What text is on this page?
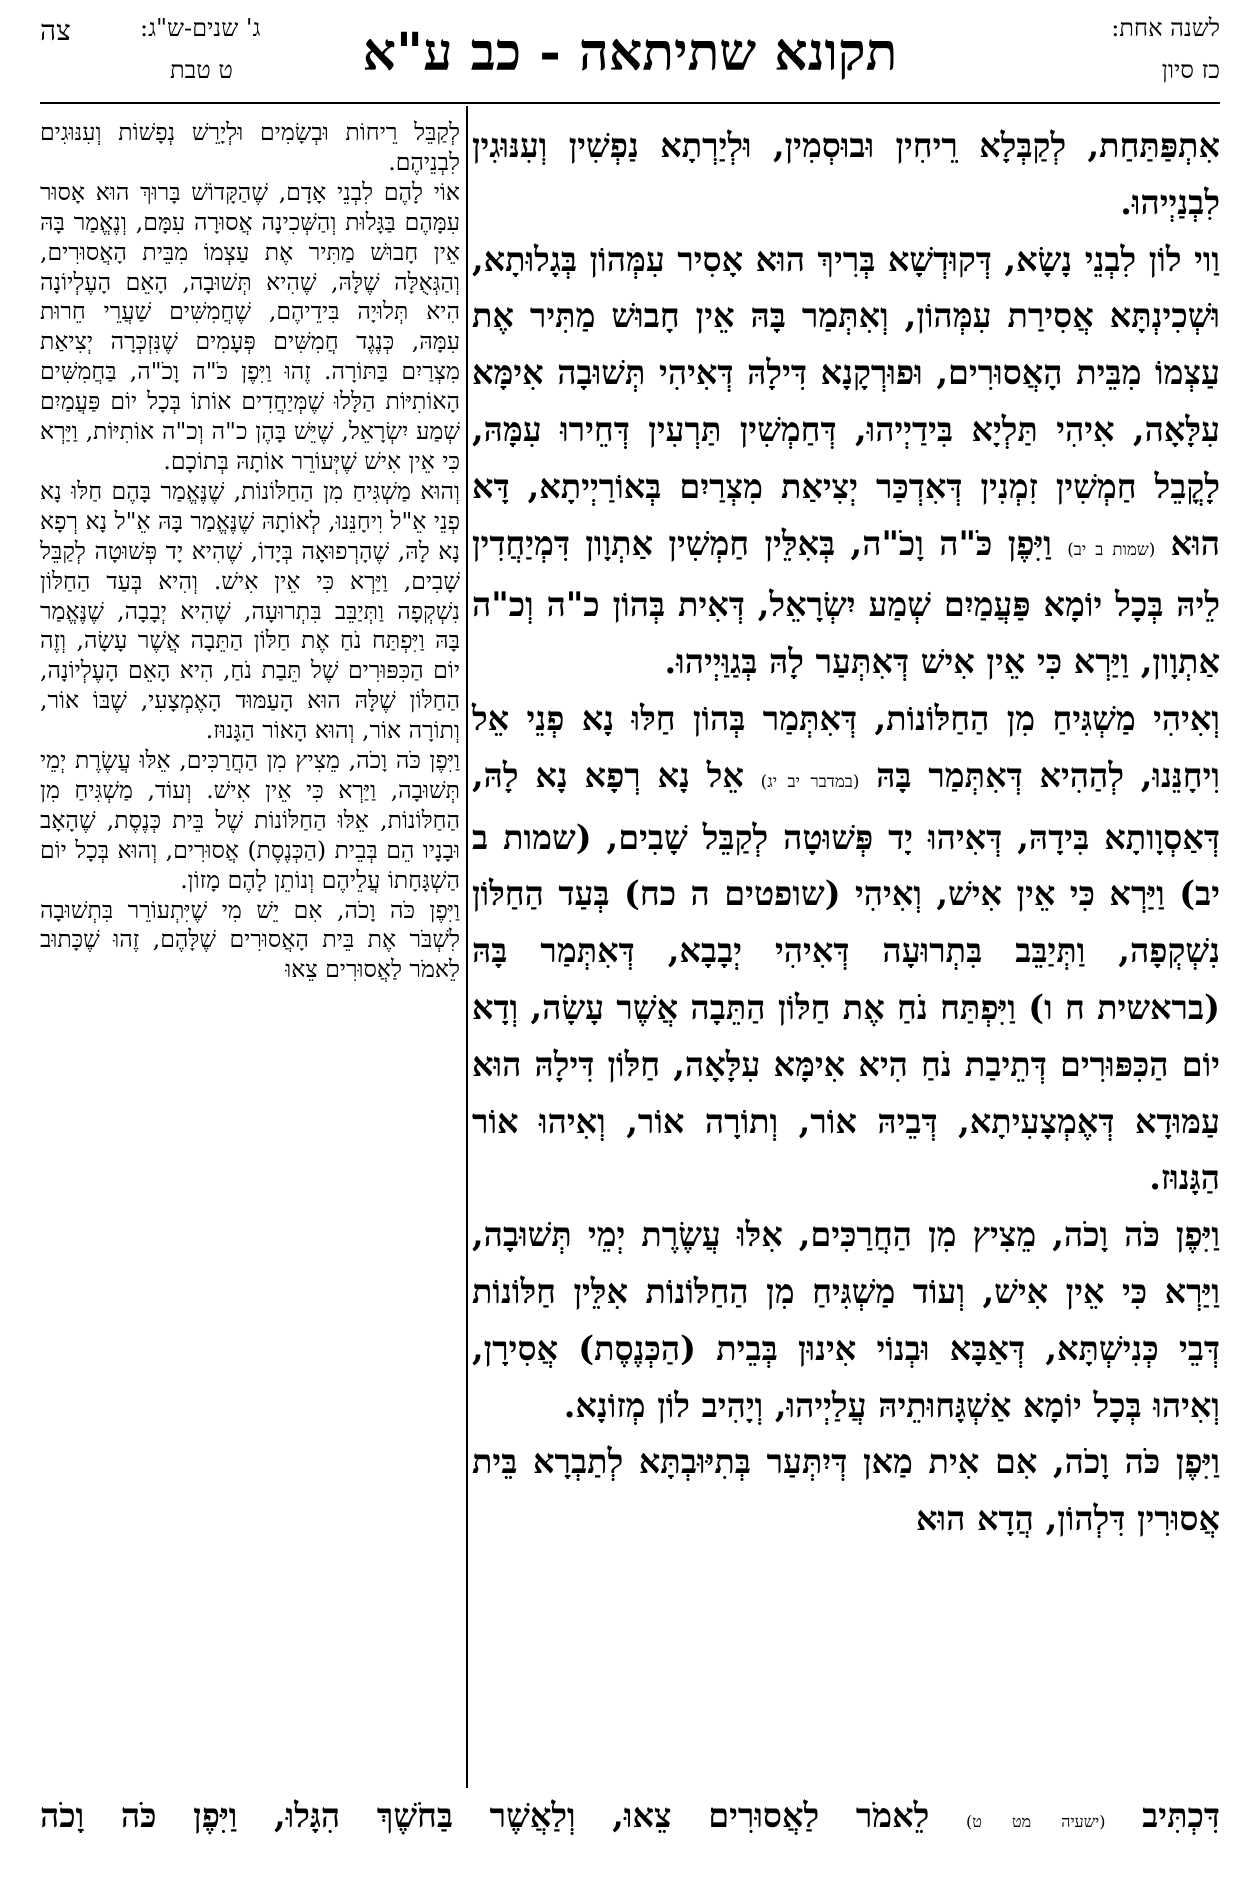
לשנה אחת:
כז סיון
תקונא שתיתאה - כב ע"א
ג' שנים-ש"ג:
ט טבת
צה

אִתְפַּתַּחַת, לְקַבְּלָא רֵיחִין וּבוּסְמִין, וּלְיַרְתָא נַפְשִׁין וְעִנּוּגִין לִבְנַיְיהוּ.

וַוי לוֹן לִבְנֵי נָשָׂא, דְּקוּדְשָׁא בְּרִיךְ הוּא אָסִיר עִמְּהוֹן בְּגָלוּתָא, וּשְׁכִינְתָּא אֲסִירַת עִמְּהוֹן, וְאִתְּמַר בָּהּ אֵין חָבוּשׁ מַתִּיר אֶת עַצְמוֹ מִבֵּית הָאֲסוּרִים, וּפוּרְקָנָא דִּילָהּ דְּאִיהִי תְּשׁוּבָה אִימָּא עִלָּאָה, אִיהִי תַּלְיָא בִּידַיְיהוּ, דְּחַמְשִׁין תַּרְעִין דְּחֵירוּ עִמָּהּ, לָקֳבֵל חַמְשִׁין זִמְנִין דְּאִדְכַּר יְצִיאַת מִצְרַיִם בְּאוֹרַיְיתָא, דָּא הוּא (שמות ב יב) וַיִּפֶן כֹּ"ה וָכֹ"ה, בְּאִלֵּין חַמְשִׁין אַתְוָון דִּמְיַחֲדִין לֵיהּ בְּכָל יוֹמָא פַּעֲמַיִם שְׁמַע יִשְׂרָאֵל, דְּאִית בְּהוֹן כ"ה וְכ"ה אַתְוָון, וַיַּרְא כִּי אֵין אִישׁ דְּאִתְּעַר לָהּ בְּגַוַּיְיהוּ.

וְאִיהִי מַשְׁגִּיחַ מִן הַחַלּוֹנוֹת, דְּאִתְּמַר בְּהוֹן חַלּוּ נָא פְנֵי אֵל וִיחָנֵּנוּ, לְהַהִיא דְּאִתְּמַר בָּהּ (במדבר יב יג) אֵל נָא רְפָא נָא לָהּ, דְּאַסְוָותָא בִּידָהּ, דְּאִיהוּ יָד פְּשׁוּטָה לְקַבֵּל שָׁבִים, (שמות ב יב) וַיַּרְא כִּי אֵין אִישׁ, וְאִיהִי (שופטים ה כח) בְּעַד הַחַלּוֹן נִשְׁקְפָה, וַתְּיַבֵּב בִּתְרוּעָה דְּאִיהִי יְבָבָא, דְּאִתְּמַר בָּהּ (בראשית ח ו) וַיִּפְתַּח נֹחַ אֶת חַלּוֹן הַתֵּבָה אֲשֶׁר עָשָׂה, וְדָא יוֹם הַכִּפּוּרִים דְּתֵיבַת נֹחַ הִיא אִימָּא עִלָּאָה, חַלּוֹן דִּילָהּ הוּא עַמּוּדָא דְּאֶמְצָעִיתָא, דְּבֵיהּ אוֹר, וְתוֹרָה אוֹר, וְאִיהוּ אוֹר הַגָּנוּז.

וַיִּפֶן כֹּה וָכֹה, מֵצִיץ מִן הַחֲרַכִּים, אִלּוּ עֲשֶׂרֶת יְמֵי תְּשׁוּבָה, וַיַּרְא כִּי אֵין אִישׁ, וְעוֹד מַשְׁגִּיחַ מִן הַחַלּוֹנוֹת אִלֵּין חַלּוֹנוֹת דְּבֵי כְּנִישְׁתָּא, דְּאַבָּא וּבְנוֹי אִינוּן בְּבֵית (הַכְּנֶסֶת) אֲסִירָן, וְאִיהוּ בְּכָל יוֹמָא אַשְׁגָּחוּתֵיהּ עֲלַיְיהוּ, וְיָהִיב לוֹן מְזוֹנָא.

וַיִּפֶן כֹּה וָכֹה, אִם אִית מַאן דְּיִתְּעַר בְּתִיּוּבְתָּא לְתַבְרָא בֵּית אֲסוּרִין דִּלְהוֹן, הֲדָא הוּא

לְקַבֵּל רֵיחוֹת וּבְשָׂמִים וּלְיָרֵשׁ נְפָשׁוֹת וְעִנּוּגִים לִבְנֵיהֶם.

אוֹי לָהֶם לִבְנֵי אָדָם, שֶׁהַקָּדוֹשׁ בָּרוּךְ הוּא אָסוּר עִמָּהֶם בַּגָּלוּת וְהַשְּׁכִינָה אֲסוּרָה עִמָּם, וְנֶאֱמַר בָּהּ אֵין חָבוּשׁ מַתִּיר אֶת עַצְמוֹ מִבֵּית הָאֲסוּרִים, וְהַגְּאֻלָּה שֶׁלָּהּ, שֶׁהִיא תְּשׁוּבָה, הָאֵם הָעֶלְיוֹנָה הִיא תְּלוּיָה בִּידֵיהֶם, שֶׁחֲמִשִּׁים שַׁעֲרֵי חֵרוּת עִמָּהּ, כְּנֶגֶד חֲמִשִּׁים פְּעָמִים שֶׁנִּזְכְּרָה יְצִיאַת מִצְרַיִם בַּתּוֹרָה. זֶהוּ וַיִּפֶן כֹּ"ה וָכֹ"ה, בַּחֲמִשִּׁים הָאוֹתִיּוֹת הַלָּלוּ שֶׁמְּיַחֲדִים אוֹתוֹ בְּכָל יוֹם פַּעֲמַיִם שְׁמַע יִשְׂרָאֵל, שֶׁיֵּשׁ בָּהֶן כ"ה וְכ"ה אוֹתִיּוֹת, וַיַּרְא כִּי אֵין אִישׁ שֶׁיְּעוֹרֵר אוֹתָהּ בְּתוֹכָם.

וְהוּא מַשְׁגִּיחַ מִן הַחַלּוֹנוֹת, שֶׁנֶּאֱמַר בָּהֶם חַלּוּ נָא פְנֵי אֵ"ל וִיחָנֵּנוּ, לְאוֹתָהּ שֶׁנֶּאֱמַר בָּהּ אֵ"ל נָא רְפָא נָא לָהּ, שֶׁהָרְפוּאָה בְּיָדוֹ, שֶׁהִיא יָד פְּשׁוּטָה לְקַבֵּל שָׁבִים, וַיַּרְא כִּי אֵין אִישׁ. וְהִיא בְּעַד הַחַלּוֹן נִשְׁקְפָה וַתְּיַבֵּב בִּתְרוּעָה, שֶׁהִיא יְבָבָה, שֶׁנֶּאֱמַר בָּהּ וַיִּפְתַּח נֹחַ אֶת חַלּוֹן הַתֵּבָה אֲשֶׁר עָשָׂה, וְזֶה יוֹם הַכִּפּוּרִים שֶׁל תֵּבַת נֹחַ, הִיא הָאֵם הָעֶלְיוֹנָה, הַחַלּוֹן שֶׁלָּהּ הוּא הָעַמּוּד הָאֶמְצָעִי, שֶׁבּוֹ אוֹר, וְתוֹרָה אוֹר, וְהוּא הָאוֹר הַגָּנוּז.

וַיִּפֶן כֹּה וָכֹה, מֵצִיץ מִן הַחֲרַכִּים, אֵלּוּ עֲשֶׂרֶת יְמֵי תְּשׁוּבָה, וַיַּרְא כִּי אֵין אִישׁ. וְעוֹד, מַשְׁגִּיחַ מִן הַחַלּוֹנוֹת, אֵלּוּ הַחַלּוֹנוֹת שֶׁל בֵּית כְּנֶסֶת, שֶׁהָאָב וּבָנָיו הֵם בְּבֵית (הַכְּנֶסֶת) אֲסוּרִים, וְהוּא בְּכָל יוֹם הַשְׁגָּחָתוֹ עֲלֵיהֶם וְנוֹתֵן לָהֶם מָזוֹן.

וַיִּפֶן כֹּה וָכֹה, אִם יֵשׁ מִי שֶׁיִּתְעוֹרֵר בִּתְשׁוּבָה לִשְׁבֹּר אֶת בֵּית הָאֲסוּרִים שֶׁלָּהֶם, זֶהוּ שֶׁכָּתוּב לֵאמֹר לַאֲסוּרִים צֵאוּ

דִּכְתִּיב (ישעיה מט ט) לֵאמֹר לַאֲסוּרִים צֵאוּ, וְלַאֲשֶׁר בַּחֹשֶׁךְ הִגָּלוּ, וַיִּפֶן כֹּה וָכֹה
